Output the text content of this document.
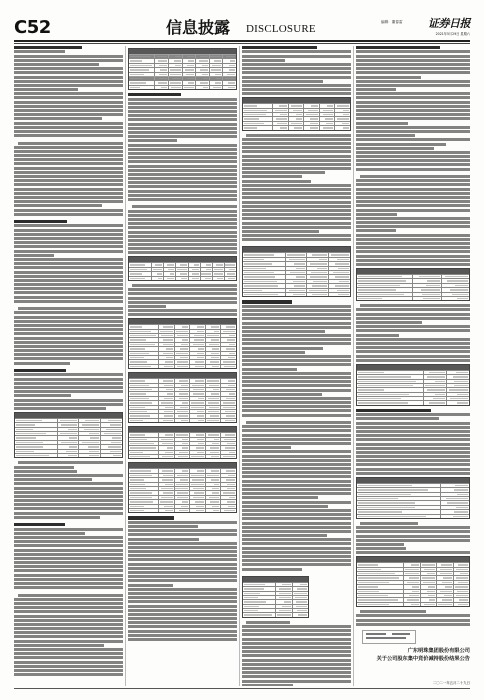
C52	信息披露 DISCLOSURE
编辑：董春雷 证券日报
2021年5月29日 星期六
广东明珠集团股份有限公司
关于公司股东集中竞价减持股份结果公告
二〇二一年五月二十九日
